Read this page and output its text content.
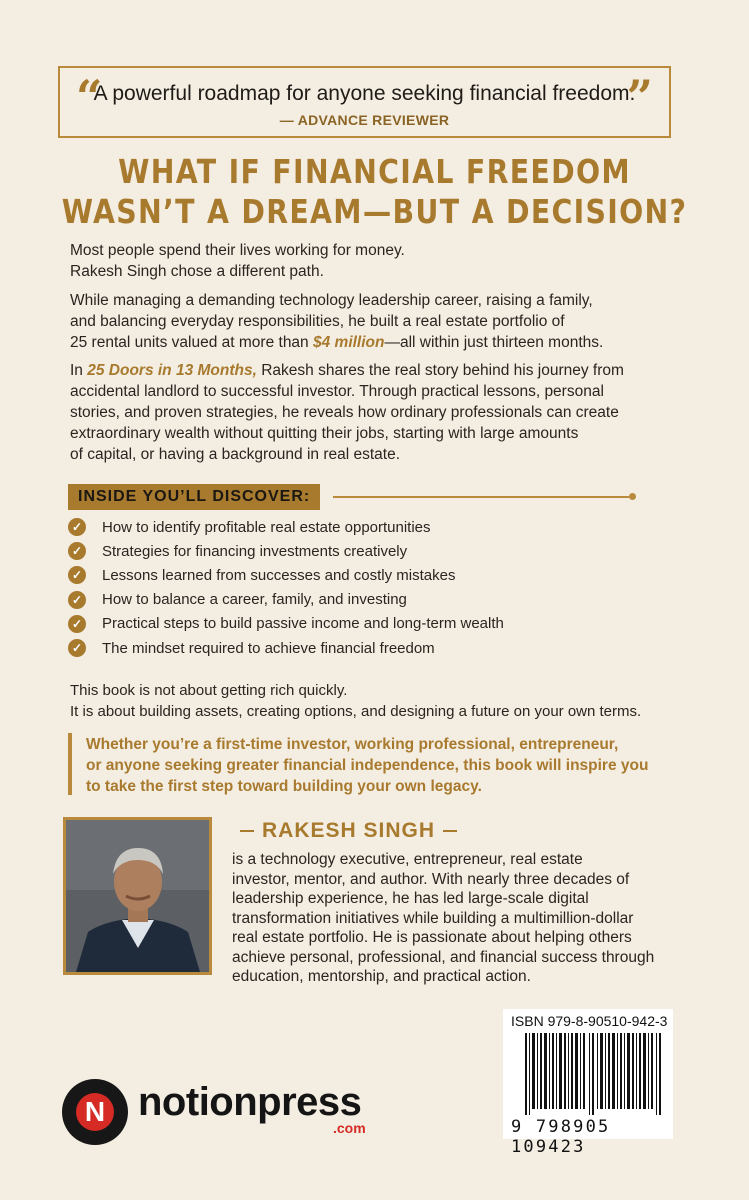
“
A powerful roadmap for anyone seeking financial freedom.
— ADVANCE REVIEWER	”
WHAT IF FINANCIAL FREEDOM
WASN’T A DREAM—BUT A DECISION?
Most people spend their lives working for money.
Rakesh Singh chose a different path.
While managing a demanding technology leadership career, raising a family,
and balancing everyday responsibilities, he built a real estate portfolio of
25 rental units valued at more than $4 million—all within just thirteen months.
In 25 Doors in 13 Months, Rakesh shares the real story behind his journey from
accidental landlord to successful investor. Through practical lessons, personal
stories, and proven strategies, he reveals how ordinary professionals can create
extraordinary wealth without quitting their jobs, starting with large amounts
of capital, or having a background in real estate.
INSIDE YOU’LL DISCOVER:
✓ How to identify profitable real estate opportunities
✓ Strategies for financing investments creatively
✓ Lessons learned from successes and costly mistakes
✓ How to balance a career, family, and investing
✓ Practical steps to build passive income and long-term wealth
✓ The mindset required to achieve financial freedom
This book is not about getting rich quickly.
It is about building assets, creating options, and designing a future on your own terms.
Whether you’re a first-time investor, working professional, entrepreneur,
or anyone seeking greater financial independence, this book will inspire you
to take the first step toward building your own legacy.
RAKESH SINGH
is a technology executive, entrepreneur, real estate
investor, mentor, and author. With nearly three decades of
leadership experience, he has led large-scale digital
transformation initiatives while building a multimillion-dollar
real estate portfolio. He is passionate about helping others
achieve personal, professional, and financial success through
education, mentorship, and practical action.
ISBN 979-8-90510-942-3
9 798905 109423
N notionpress
.com
